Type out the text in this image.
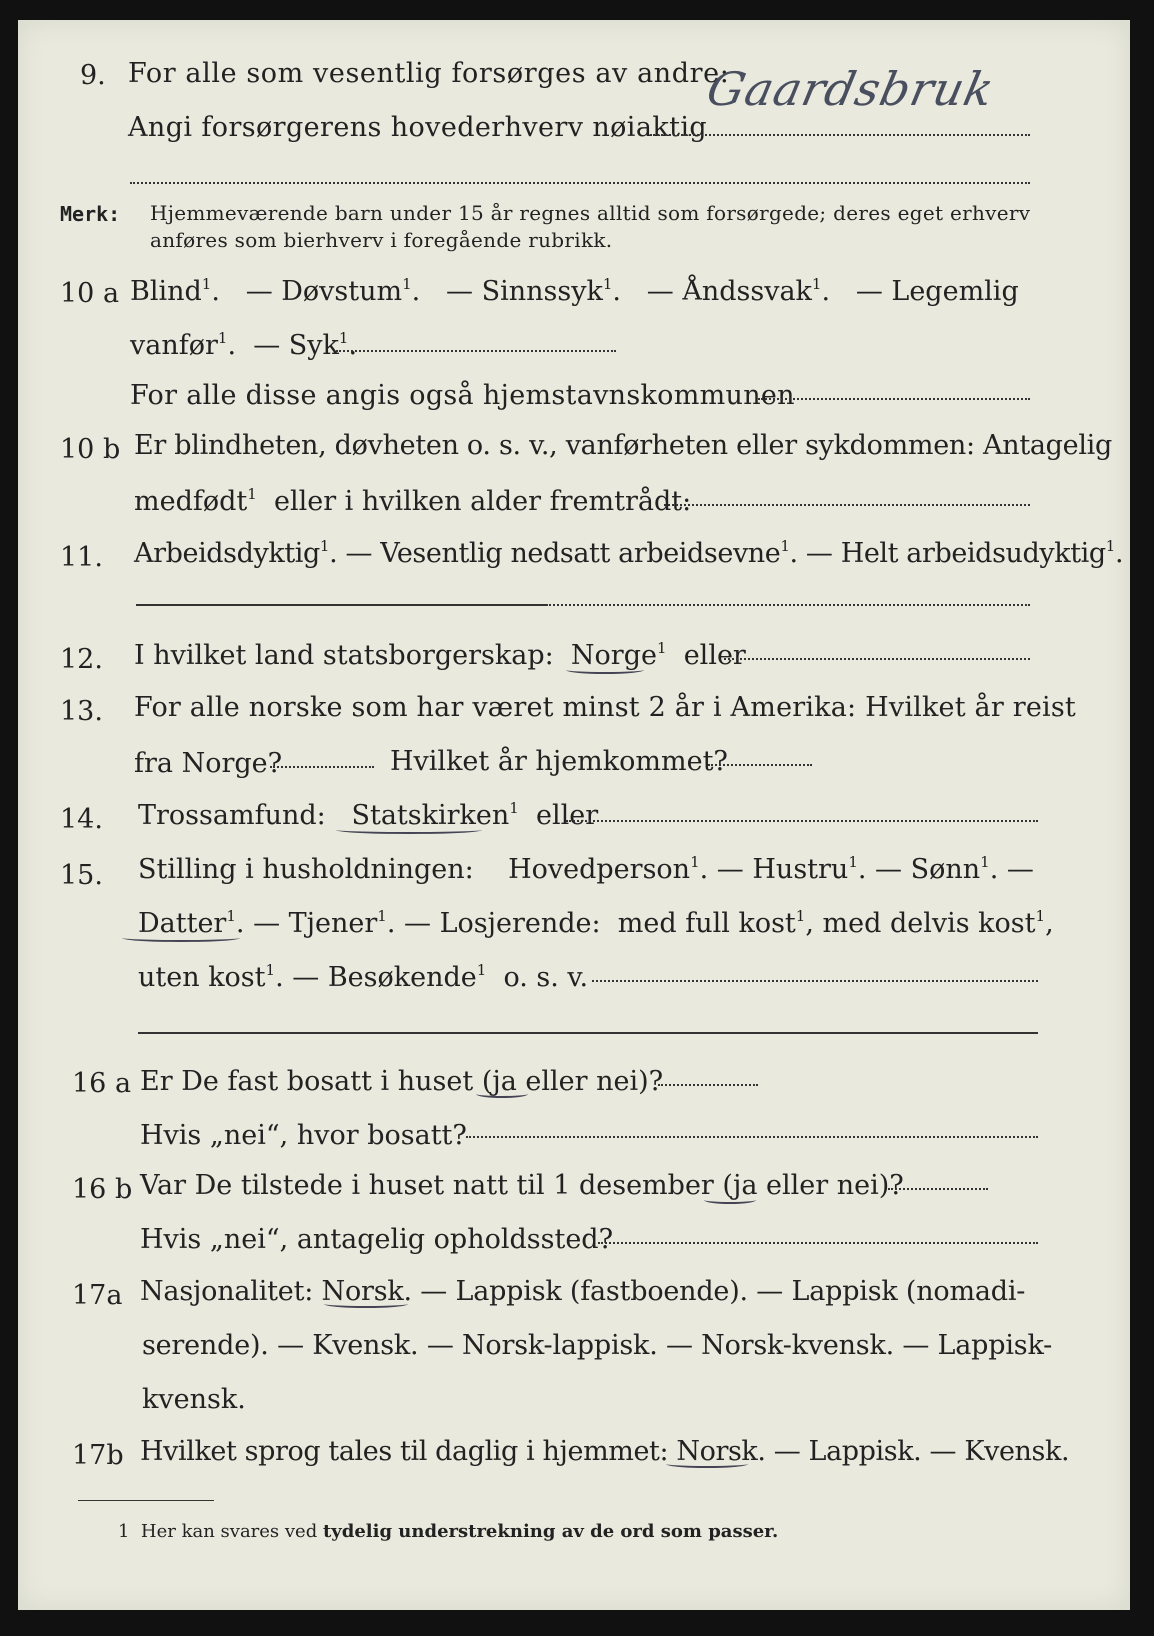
9. For alle som vesentlig forsørges av andre:
Angi forsørgerens hovederhverv nøiaktig
Gaardsbruk
Merk: Hjemmeværende barn under 15 år regnes alltid som forsørgede; deres eget erhverv
anføres som bierhverv i foregående rubrikk.
10 a Blind$^1$.   — Døvstum$^1$.   — Sinnssyk$^1$.   — Åndssvak$^1$.   — Legemlig
vanfør$^1$.  — Syk$^1$.
For alle disse angis også hjemstavnskommunen
10 b Er blindheten, døvheten o. s. v., vanførheten eller sykdommen: Antagelig
medfødt$^1$ eller i hvilken alder fremtrådt:
11. Arbeidsdyktig$^1$. — Vesentlig nedsatt arbeidsevne$^1$. — Helt arbeidsudyktig$^1$.
12. I hvilket land statsborgerskap: Norge$^1$ eller
13. For alle norske som har været minst 2 år i Amerika: Hvilket år reist
fra Norge?	Hvilket år hjemkommet?
14. Trossamfund: Statskirken$^1$ eller
15. Stilling i husholdningen: Hovedperson$^1$. — Hustru$^1$. — Sønn$^1$. —
Datter$^1$. — Tjener$^1$. — Losjerende: med full kost$^1$, med delvis kost$^1$,
uten kost$^1$. — Besøkende$^1$ o. s. v.
16 a Er De fast bosatt i huset (ja eller nei)?
Hvis „nei“, hvor bosatt?
16 b Var De tilstede i huset natt til 1 desember (ja eller nei)?
Hvis „nei“, antagelig opholdssted?
17a Nasjonalitet: Norsk. — Lappisk (fastboende). — Lappisk (nomadi-
serende). — Kvensk. — Norsk-lappisk. — Norsk-kvensk. — Lappisk-
kvensk.
17b Hvilket sprog tales til daglig i hjemmet: Norsk. — Lappisk. — Kvensk.
1 Her kan svares ved tydelig understrekning av de ord som passer.
